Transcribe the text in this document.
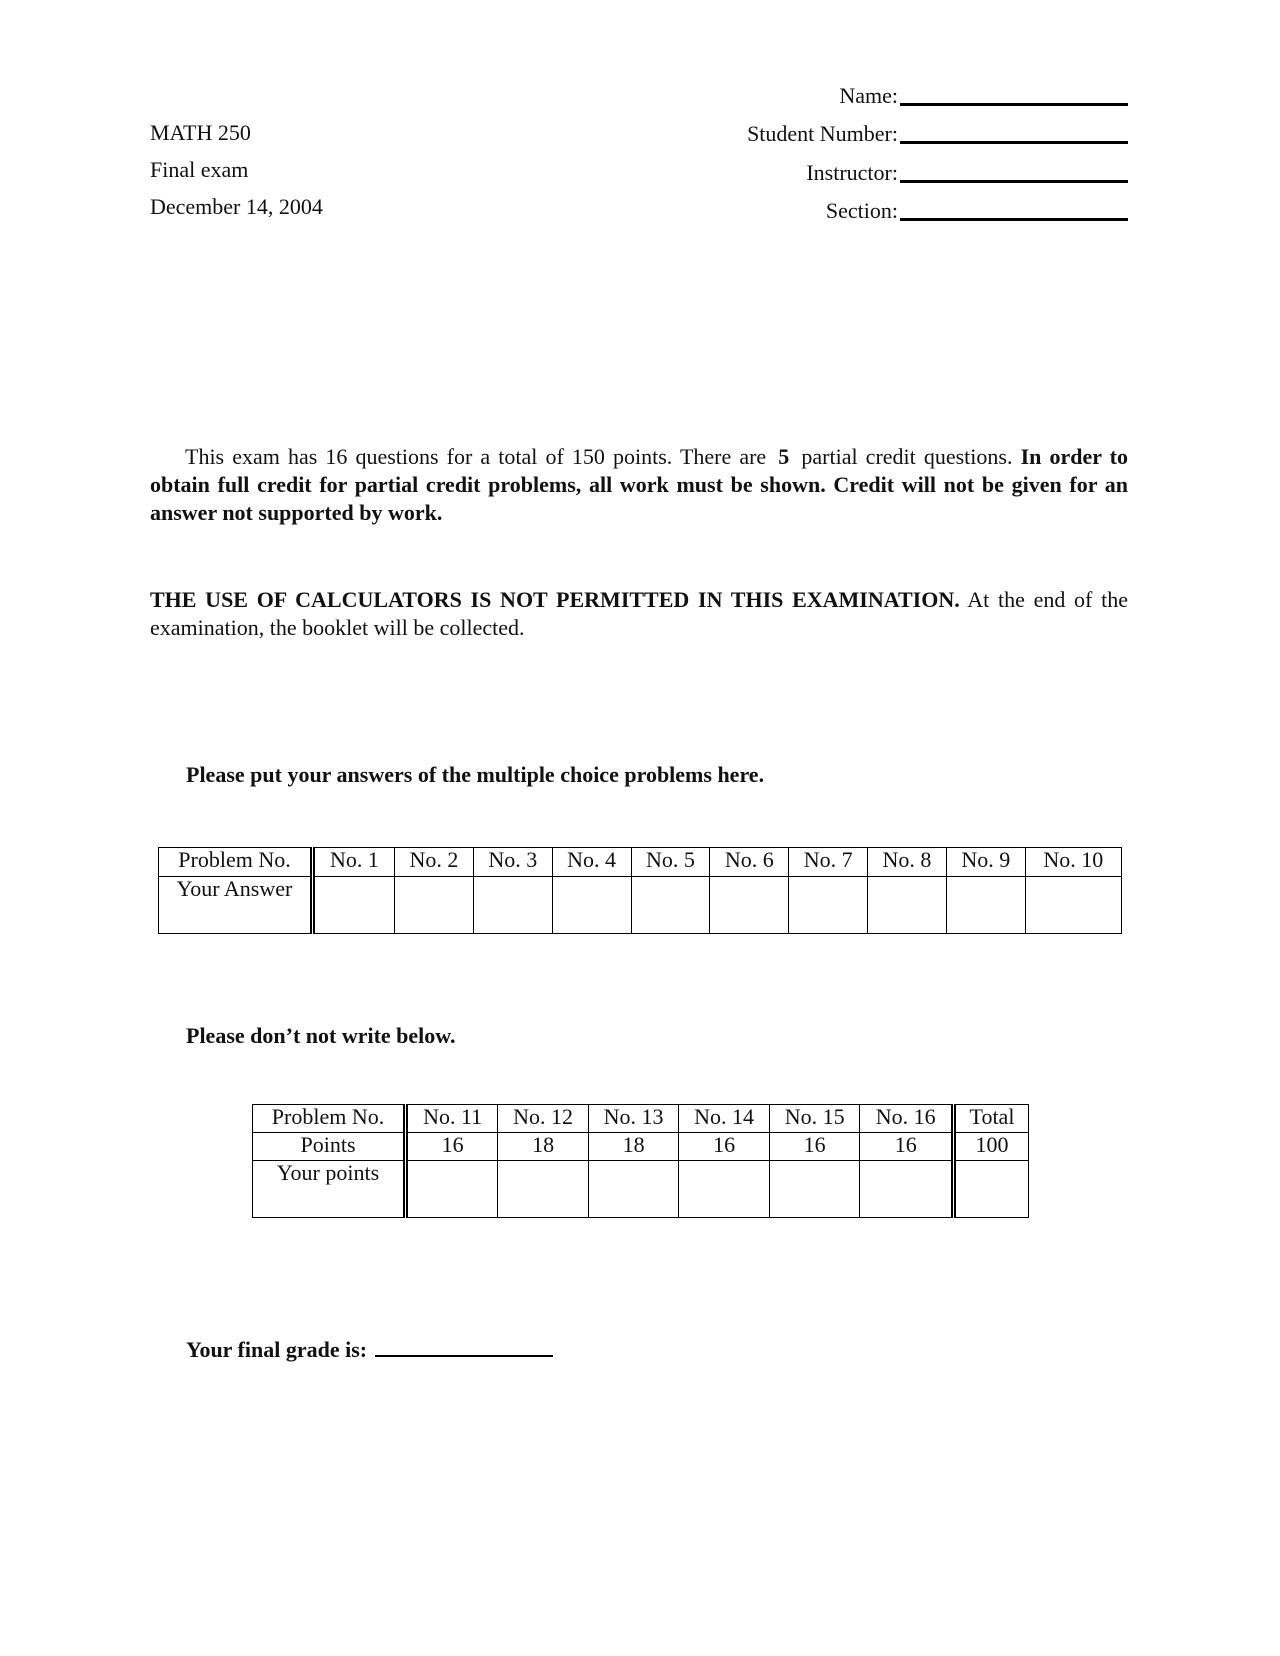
MATH 250
Final exam
December 14, 2004
Name:
Student Number:
Instructor:
Section:
This exam has 16 questions for a total of 150 points. There are 5 partial credit questions. In order to obtain full credit for partial credit problems, all work must be shown. Credit will not be given for an answer not supported by work.
THE USE OF CALCULATORS IS NOT PERMITTED IN THIS EXAMINATION. At the end of the examination, the booklet will be collected.
Please put your answers of the multiple choice problems here.
Problem No.	No. 1	No. 2	No. 3	No. 4	No. 5	No. 6	No. 7	No. 8	No. 9	No. 10
Your Answer										
Please don’t not write below.
Problem No.	No. 11	No. 12	No. 13	No. 14	No. 15	No. 16	Total
Points	16	18	18	16	16	16	100
Your points							
Your final grade is:
